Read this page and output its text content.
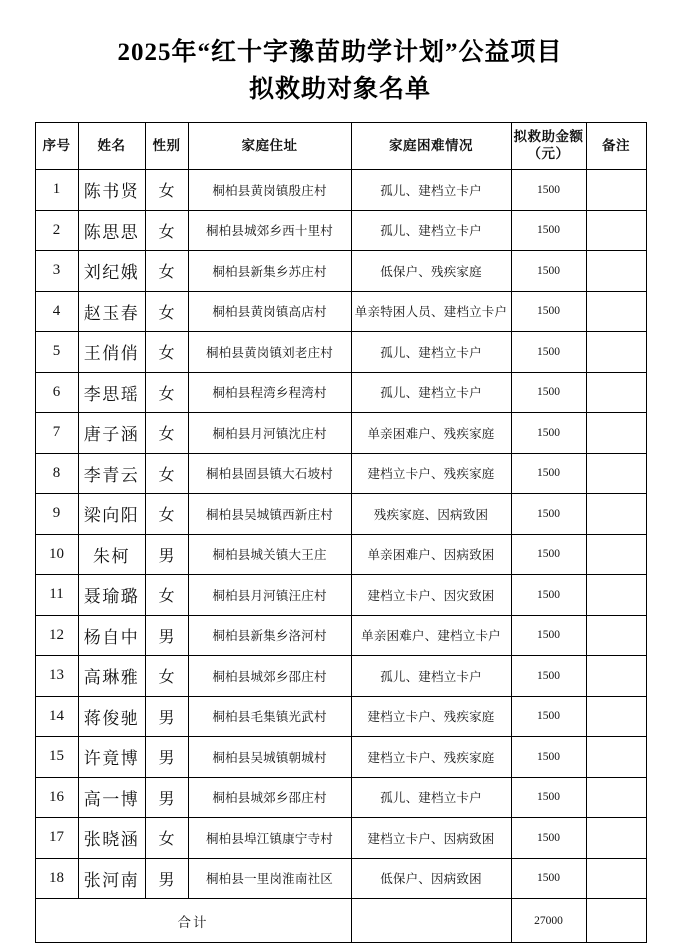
2025年“红十字豫苗助学计划”公益项目
拟救助对象名单
序号	姓名	性别	家庭住址	家庭困难情况	拟救助金额（元）	备注
1	陈书贤	女	桐柏县黄岗镇殷庄村	孤儿、建档立卡户	1500	
2	陈思思	女	桐柏县城郊乡西十里村	孤儿、建档立卡户	1500	
3	刘纪娥	女	桐柏县新集乡苏庄村	低保户、残疾家庭	1500	
4	赵玉春	女	桐柏县黄岗镇高店村	单亲特困人员、建档立卡户	1500	
5	王俏俏	女	桐柏县黄岗镇刘老庄村	孤儿、建档立卡户	1500	
6	李思瑶	女	桐柏县程湾乡程湾村	孤儿、建档立卡户	1500	
7	唐子涵	女	桐柏县月河镇沈庄村	单亲困难户、残疾家庭	1500	
8	李青云	女	桐柏县固县镇大石坡村	建档立卡户、残疾家庭	1500	
9	梁向阳	女	桐柏县吴城镇西新庄村	残疾家庭、因病致困	1500	
10	朱柯	男	桐柏县城关镇大王庄	单亲困难户、因病致困	1500	
11	聂瑜璐	女	桐柏县月河镇汪庄村	建档立卡户、因灾致困	1500	
12	杨自中	男	桐柏县新集乡洛河村	单亲困难户、建档立卡户	1500	
13	高琳雅	女	桐柏县城郊乡邵庄村	孤儿、建档立卡户	1500	
14	蒋俊驰	男	桐柏县毛集镇光武村	建档立卡户、残疾家庭	1500	
15	许竟博	男	桐柏县吴城镇朝城村	建档立卡户、残疾家庭	1500	
16	高一博	男	桐柏县城郊乡邵庄村	孤儿、建档立卡户	1500	
17	张晓涵	女	桐柏县埠江镇康宁寺村	建档立卡户、因病致困	1500	
18	张河南	男	桐柏县一里岗淮南社区	低保户、因病致困	1500	
合计					27000	
